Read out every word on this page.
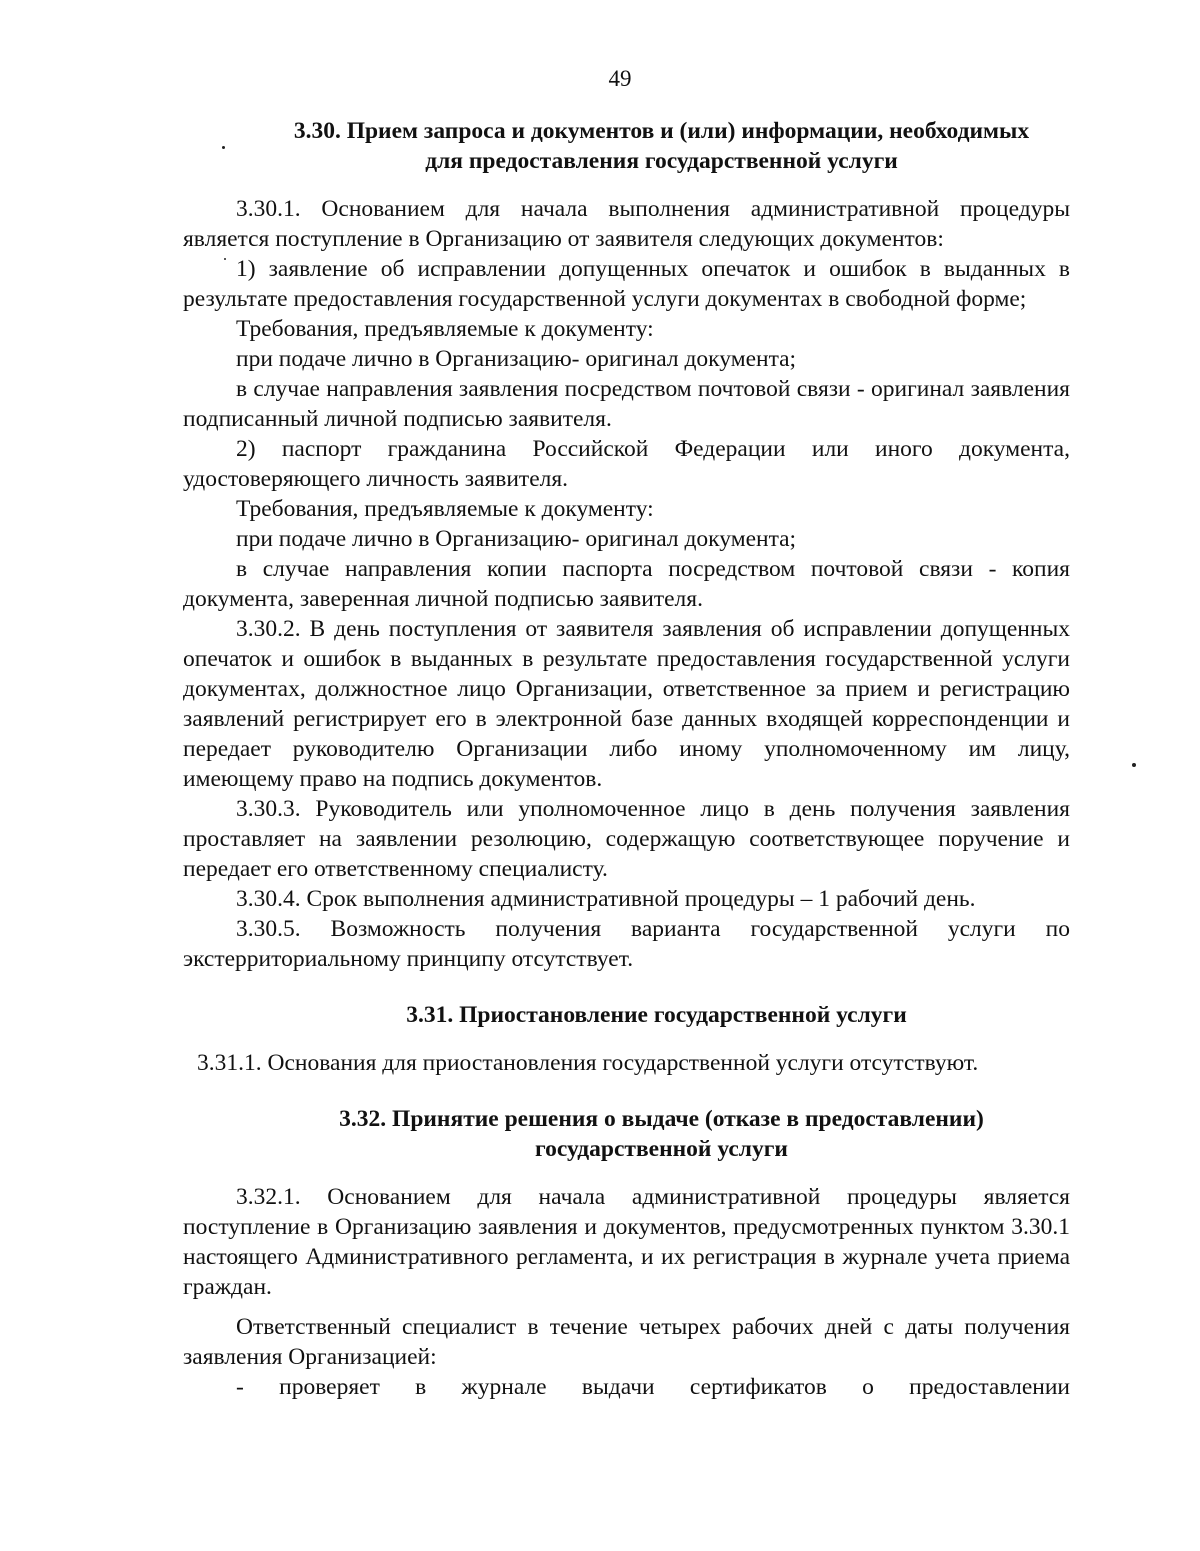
49
3.30. Прием запроса и документов и (или) информации, необходимых
для предоставления государственной услуги

3.30.1. Основанием для начала выполнения административной процедуры является поступление в Организацию от заявителя следующих документов:

1) заявление об исправлении допущенных опечаток и ошибок в выданных в результате предоставления государственной услуги документах в свободной форме;

Требования, предъявляемые к документу:

при подаче лично в Организацию- оригинал документа;

в случае направления заявления посредством почтовой связи - оригинал заявления подписанный личной подписью заявителя.

2) паспорт гражданина Российской Федерации или иного документа, удостоверяющего личность заявителя.

Требования, предъявляемые к документу:

при подаче лично в Организацию- оригинал документа;

в случае направления копии паспорта посредством почтовой связи - копия документа, заверенная личной подписью заявителя.

3.30.2. В день поступления от заявителя заявления об исправлении допущенных опечаток и ошибок в выданных в результате предоставления государственной услуги документах, должностное лицо Организации, ответственное за прием и регистрацию заявлений регистрирует его в электронной базе данных входящей корреспонденции и передает руководителю Организации либо иному уполномоченному им лицу, имеющему право на подпись документов.

3.30.3. Руководитель или уполномоченное лицо в день получения заявления проставляет на заявлении резолюцию, содержащую соответствующее поручение и передает его ответственному специалисту.

3.30.4. Срок выполнения административной процедуры – 1 рабочий день.

3.30.5. Возможность получения варианта государственной услуги по экстерриториальному принципу отсутствует.

3.31. Приостановление государственной услуги

3.31.1. Основания для приостановления государственной услуги отсутствуют.

3.32. Принятие решения о выдаче (отказе в предоставлении)
государственной услуги

3.32.1. Основанием для начала административной процедуры является поступление в Организацию заявления и документов, предусмотренных пунктом 3.30.1 настоящего Административного регламента, и их регистрация в журнале учета приема граждан.

Ответственный специалист в течение четырех рабочих дней с даты получения заявления Организацией:

- проверяет в журнале выдачи сертификатов о предоставлении
